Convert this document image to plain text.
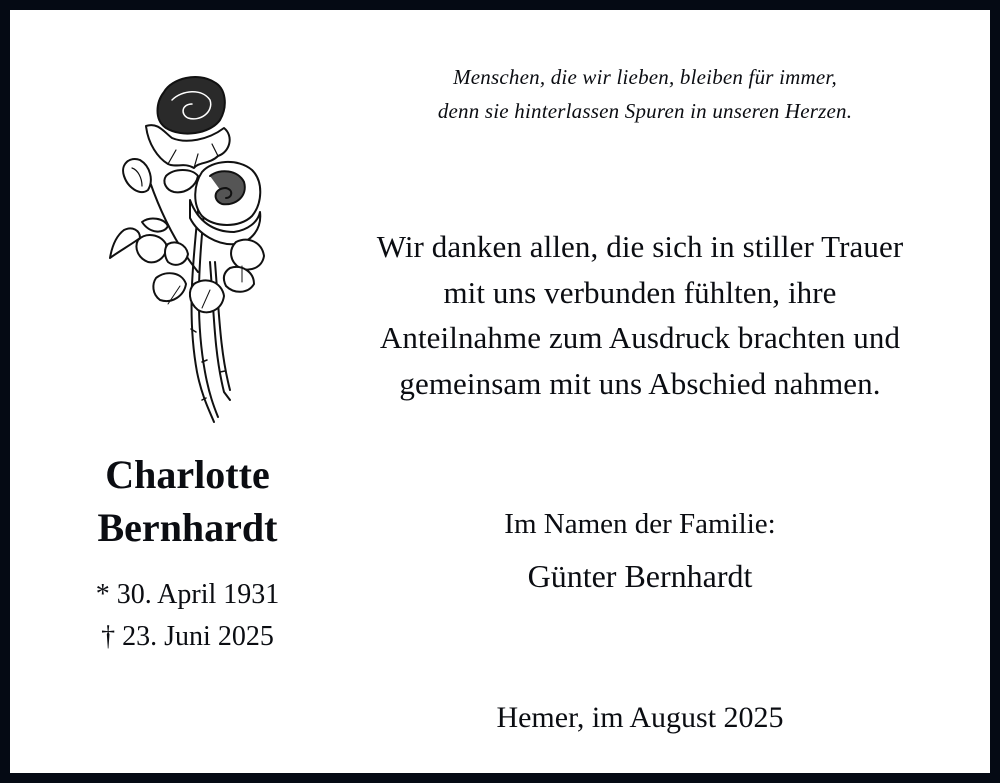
Menschen, die wir lieben, bleiben für immer,
denn sie hinterlassen Spuren in unseren Herzen.
Wir danken allen, die sich in stiller Trauer
mit uns verbunden fühlten, ihre
Anteilnahme zum Ausdruck brachten und
gemeinsam mit uns Abschied nahmen.
Charlotte
Bernhardt
* 30. April 1931
† 23. Juni 2025
Im Namen der Familie:
Günter Bernhardt
Hemer, im August 2025
